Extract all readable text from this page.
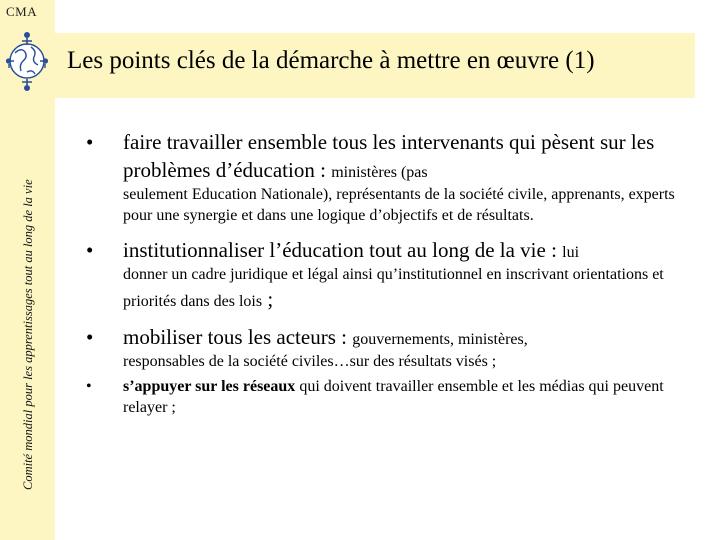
CMA
Comité mondial pour les apprentissages tout au long de la vie
Les points clés de la démarche à mettre en œuvre (1)
• faire travailler ensemble tous les intervenants qui pèsent sur les problèmes d’éducation : ministères (pas
seulement Education Nationale), représentants de la société civile, apprenants, experts pour une synergie et dans une logique d’objectifs et de résultats.
• institutionnaliser l’éducation tout au long de la vie : lui
donner un cadre juridique et légal ainsi qu’institutionnel en inscrivant orientations et priorités dans des lois ;
• mobiliser tous les acteurs : gouvernements, ministères,
responsables de la société civiles…sur des résultats visés ;
• s’appuyer sur les réseaux qui doivent travailler ensemble et les médias qui peuvent relayer ;
